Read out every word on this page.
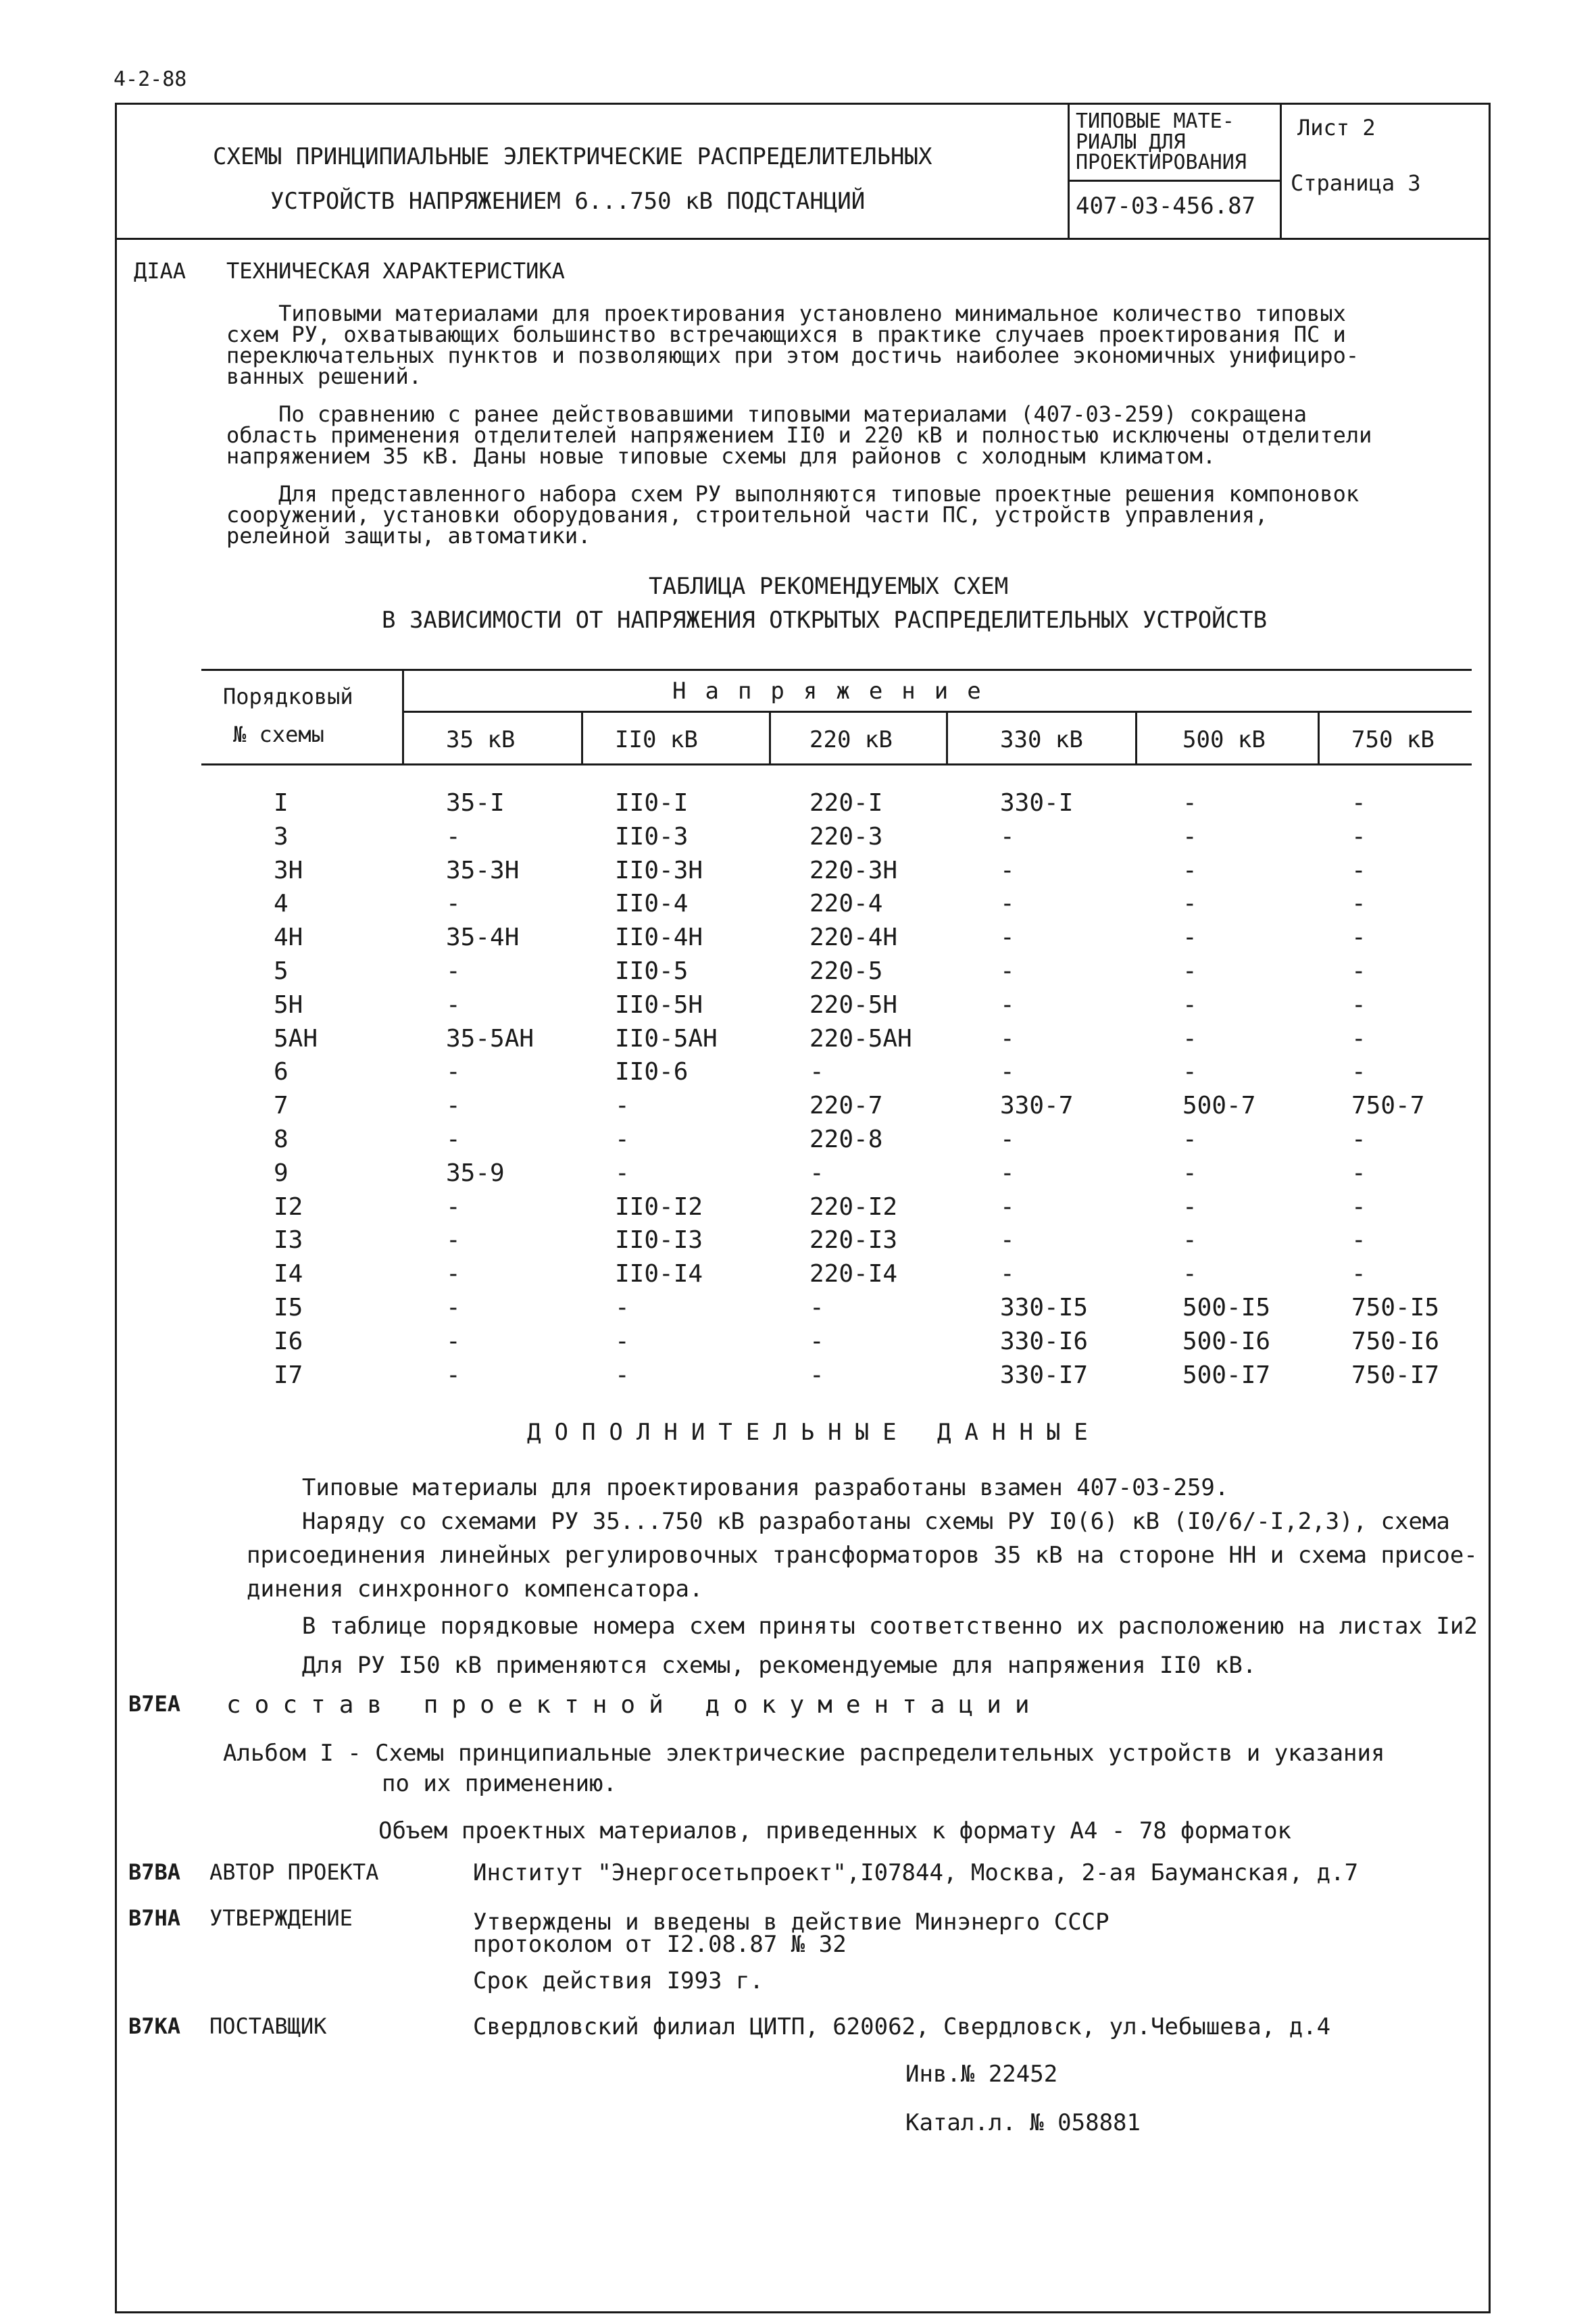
4-2-88
СХЕМЫ ПРИНЦИПИАЛЬНЫЕ ЭЛЕКТРИЧЕСКИЕ РАСПРЕДЕЛИТЕЛЬНЫХ
УСТРОЙСТВ НАПРЯЖЕНИЕМ 6...750 кВ ПОДСТАНЦИЙ
ТИПОВЫЕ МАТЕ-
РИАЛЫ ДЛЯ
ПРОЕКТИРОВАНИЯ
407-03-456.87
Лист 2
Страница 3
ДIАА ТЕХНИЧЕСКАЯ ХАРАКТЕРИСТИКА
Типовыми материалами для проектирования установлено минимальное количество типовых
схем РУ, охватывающих большинство встречающихся в практике случаев проектирования ПС и
переключательных пунктов и позволяющих при этом достичь наиболее экономичных унифициро-
ванных решений.
По сравнению с ранее действовавшими типовыми материалами (407-03-259) сокращена
область применения отделителей напряжением II0 и 220 кВ и полностью исключены отделители
напряжением 35 кВ. Даны новые типовые схемы для районов с холодным климатом.
Для представленного набора схем РУ выполняются типовые проектные решения компоновок
сооружений, установки оборудования, строительной части ПС, устройств управления,
релейной защиты, автоматики.
ТАБЛИЦА РЕКОМЕНДУЕМЫХ СХЕМ
В ЗАВИСИМОСТИ ОТ НАПРЯЖЕНИЯ ОТКРЫТЫХ РАСПРЕДЕЛИТЕЛЬНЫХ УСТРОЙСТВ
Порядковый
№ схемы
Напряжение
35 кВ	II0 кВ	220 кВ	330 кВ	500 кВ	750 кВ
I	35-I	II0-I	220-I	330-I	-	-
3	-	II0-3	220-3	-	-	-
3Н	35-3Н	II0-3Н	220-3Н	-	-	-
4	-	II0-4	220-4	-	-	-
4Н	35-4Н	II0-4Н	220-4Н	-	-	-
5	-	II0-5	220-5	-	-	-
5Н	-	II0-5Н	220-5Н	-	-	-
5АН	35-5АН	II0-5АН	220-5АН	-	-	-
6	-	II0-6	-	-	-	-
7	-	-	220-7	330-7	500-7	750-7
8	-	-	220-8	-	-	-
9	35-9	-	-	-	-	-
I2	-	II0-I2	220-I2	-	-	-
I3	-	II0-I3	220-I3	-	-	-
I4	-	II0-I4	220-I4	-	-	-
I5	-	-	-	330-I5	500-I5	750-I5
I6	-	-	-	330-I6	500-I6	750-I6
I7	-	-	-	330-I7	500-I7	750-I7
ДОПОЛНИТЕЛЬНЫЕ ДАННЫЕ
Типовые материалы для проектирования разработаны взамен 407-03-259.
Наряду со схемами РУ 35...750 кВ разработаны схемы РУ I0(6) кВ (I0/6/-I,2,3), схема
присоединения линейных регулировочных трансформаторов 35 кВ на стороне НН и схема присое-
динения синхронного компенсатора.
В таблице порядковые номера схем приняты соответственно их расположению на листах Iи2
Для РУ I50 кВ применяются схемы, рекомендуемые для напряжения II0 кВ.
В7ЕА состав проектной документации
Альбом I - Схемы принципиальные электрические распределительных устройств и указания
по их применению.
Объем проектных материалов, приведенных к формату А4 - 78 форматок
В7ВА АВТОР ПРОЕКТА	Институт "Энергосетьпроект",I07844, Москва, 2-ая Бауманская, д.7
В7НА УТВЕРЖДЕНИЕ	Утверждены и введены в действие Минэнерго СССР
протоколом от I2.08.87 № 32
Срок действия I993 г.
В7КА ПОСТАВЩИК	Свердловский филиал ЦИТП, 620062, Свердловск, ул.Чебышева, д.4
Инв.№ 22452
Катал.л. № 058881
